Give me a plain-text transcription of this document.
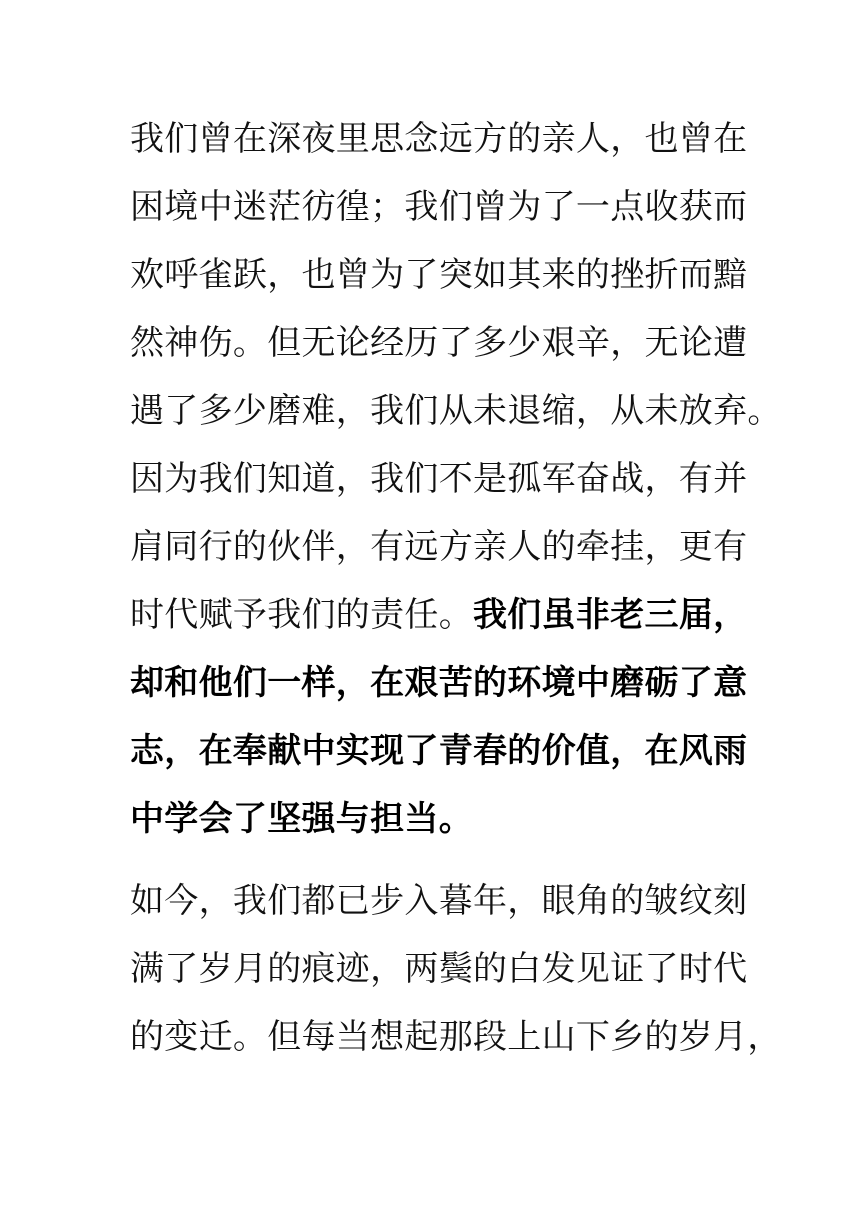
我们曾在深夜里思念远方的亲人，也曾在
困境中迷茫彷徨；我们曾为了一点收获而
欢呼雀跃，也曾为了突如其来的挫折而黯
然神伤。但无论经历了多少艰辛，无论遭
遇了多少磨难，我们从未退缩，从未放弃。
因为我们知道，我们不是孤军奋战，有并
肩同行的伙伴，有远方亲人的牵挂，更有
时代赋予我们的责任。我们虽非老三届，
却和他们一样，在艰苦的环境中磨砺了意
志，在奉献中实现了青春的价值，在风雨
中学会了坚强与担当。
如今，我们都已步入暮年，眼角的皱纹刻
满了岁月的痕迹，两鬓的白发见证了时代
的变迁。但每当想起那段上山下乡的岁月，
